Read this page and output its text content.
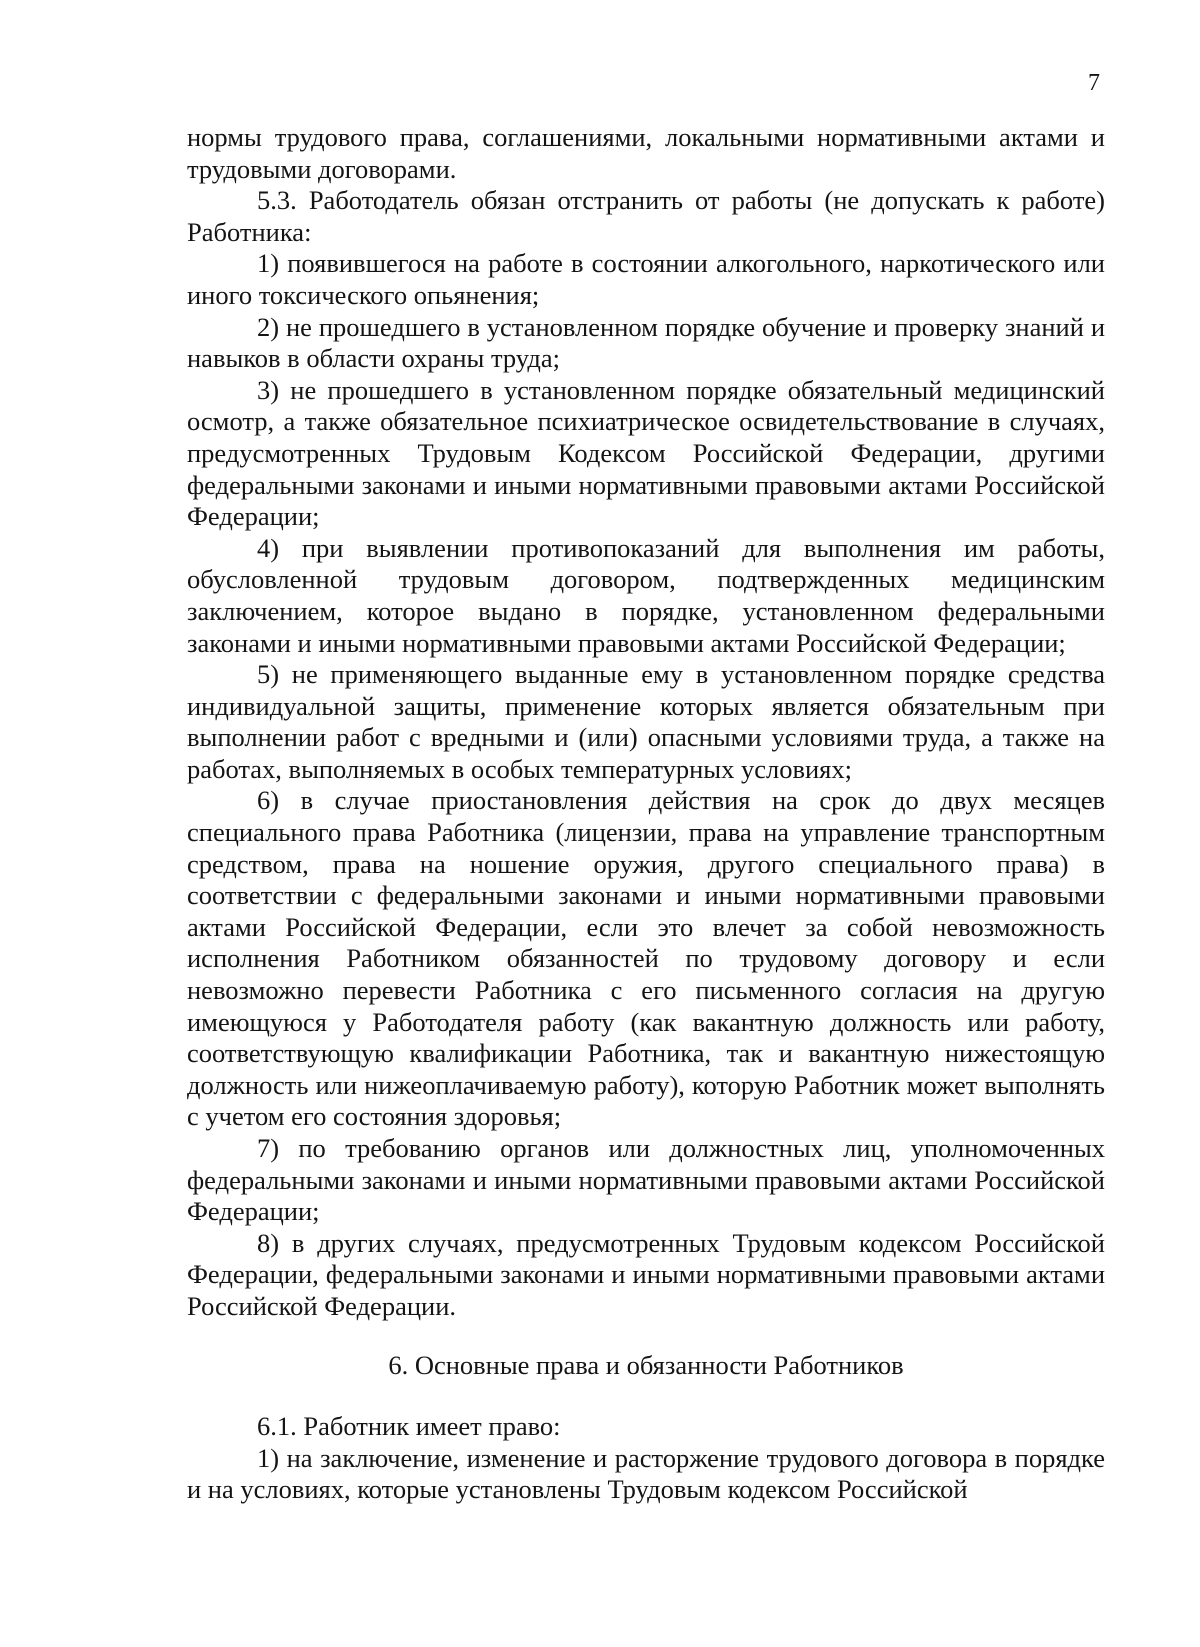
7

нормы трудового права, соглашениями, локальными нормативными актами и трудовыми договорами.

5.3. Работодатель обязан отстранить от работы (не допускать к работе) Работника:

1) появившегося на работе в состоянии алкогольного, наркотического или иного токсического опьянения;

2) не прошедшего в установленном порядке обучение и проверку знаний и навыков в области охраны труда;

3) не прошедшего в установленном порядке обязательный медицинский осмотр, а также обязательное психиатрическое освидетельствование в случаях, предусмотренных Трудовым Кодексом Российской Федерации, другими федеральными законами и иными нормативными правовыми актами Российской Федерации;

4) при выявлении противопоказаний для выполнения им работы, обусловленной трудовым договором, подтвержденных медицинским заключением, которое выдано в порядке, установленном федеральными законами и иными нормативными правовыми актами Российской Федерации;

5) не применяющего выданные ему в установленном порядке средства индивидуальной защиты, применение которых является обязательным при выполнении работ с вредными и (или) опасными условиями труда, а также на работах, выполняемых в особых температурных условиях;

6) в случае приостановления действия на срок до двух месяцев специального права Работника (лицензии, права на управление транспортным средством, права на ношение оружия, другого специального права) в соответствии с федеральными законами и иными нормативными правовыми актами Российской Федерации, если это влечет за собой невозможность исполнения Работником обязанностей по трудовому договору и если невозможно перевести Работника с его письменного согласия на другую имеющуюся у Работодателя работу (как вакантную должность или работу, соответствующую квалификации Работника, так и вакантную нижестоящую должность или нижеоплачиваемую работу), которую Работник может выполнять с учетом его состояния здоровья;

7) по требованию органов или должностных лиц, уполномоченных федеральными законами и иными нормативными правовыми актами Российской Федерации;

8) в других случаях, предусмотренных Трудовым кодексом Российской Федерации, федеральными законами и иными нормативными правовыми актами Российской Федерации.

6. Основные права и обязанности Работников

6.1. Работник имеет право:

1) на заключение, изменение и расторжение трудового договора в порядке и на условиях, которые установлены Трудовым кодексом Российской
